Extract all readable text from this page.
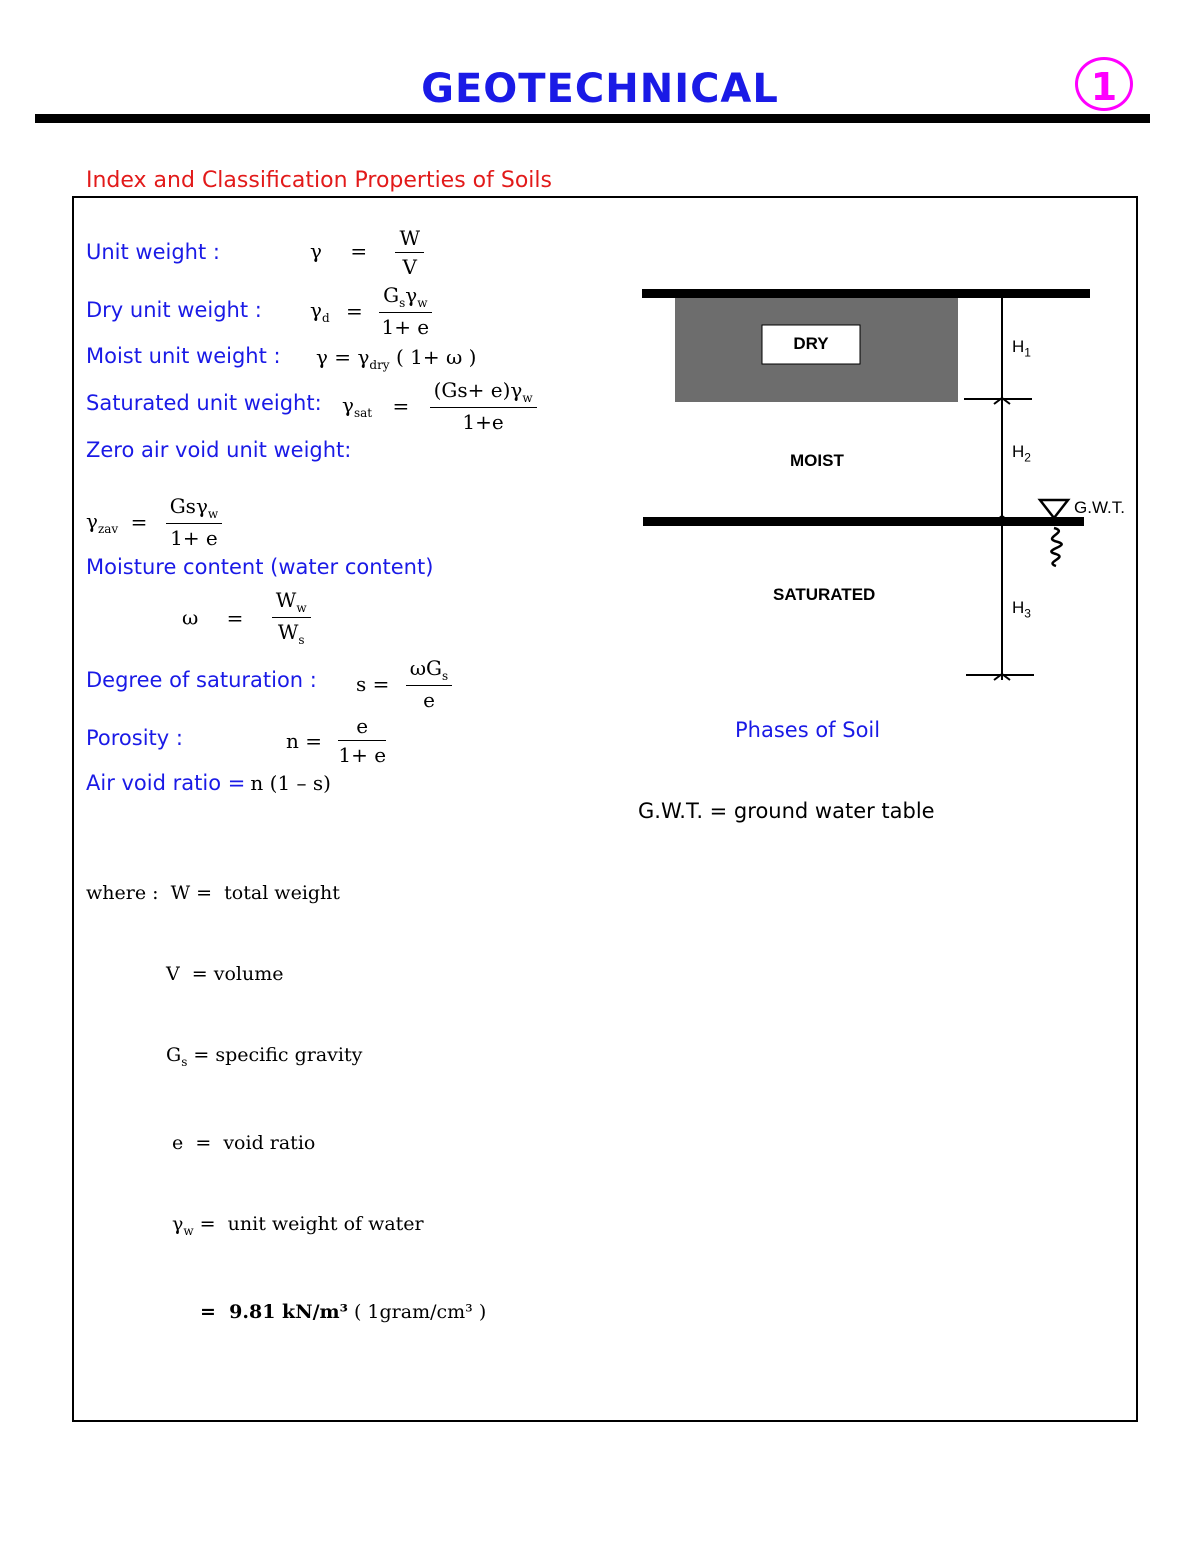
GEOTECHNICAL	1
Index and Classification Properties of Soils
Unit weight :	$\gamma = \frac{W}{V}$
Dry unit weight : $\gamma_d = \frac{G_s\gamma_w}{1+ e}$
Moist unit weight : $\gamma = \gamma_{dry}$ ( 1+ ω )
Saturated unit weight: $\gamma_{sat} = \frac{(Gs+ e)\gamma_w}{1+e}$
Zero air void unit weight:
$\gamma_{zav} = \frac{Gs\gamma_w}{1+ e}$
Moisture content (water content)
$\omega = \frac{W_w}{W_s}$
Degree of saturation : $s = \frac{\omega G_s}{e}$
Porosity :	$n = \frac{e}{1+ e}$
Air void ratio = n (1 – s)

where :  W =  total weight

V  = volume

$G_s$ = specific gravity

e  =  void ratio

$\gamma_w$ =  unit weight of water

=  9.81 kN/m³ ( 1gram/cm³ )

DRY
MOIST
SATURATED
$H_1$
$H_2$
$H_3$
G.W.T.
Phases of Soil
G.W.T. = ground water table
